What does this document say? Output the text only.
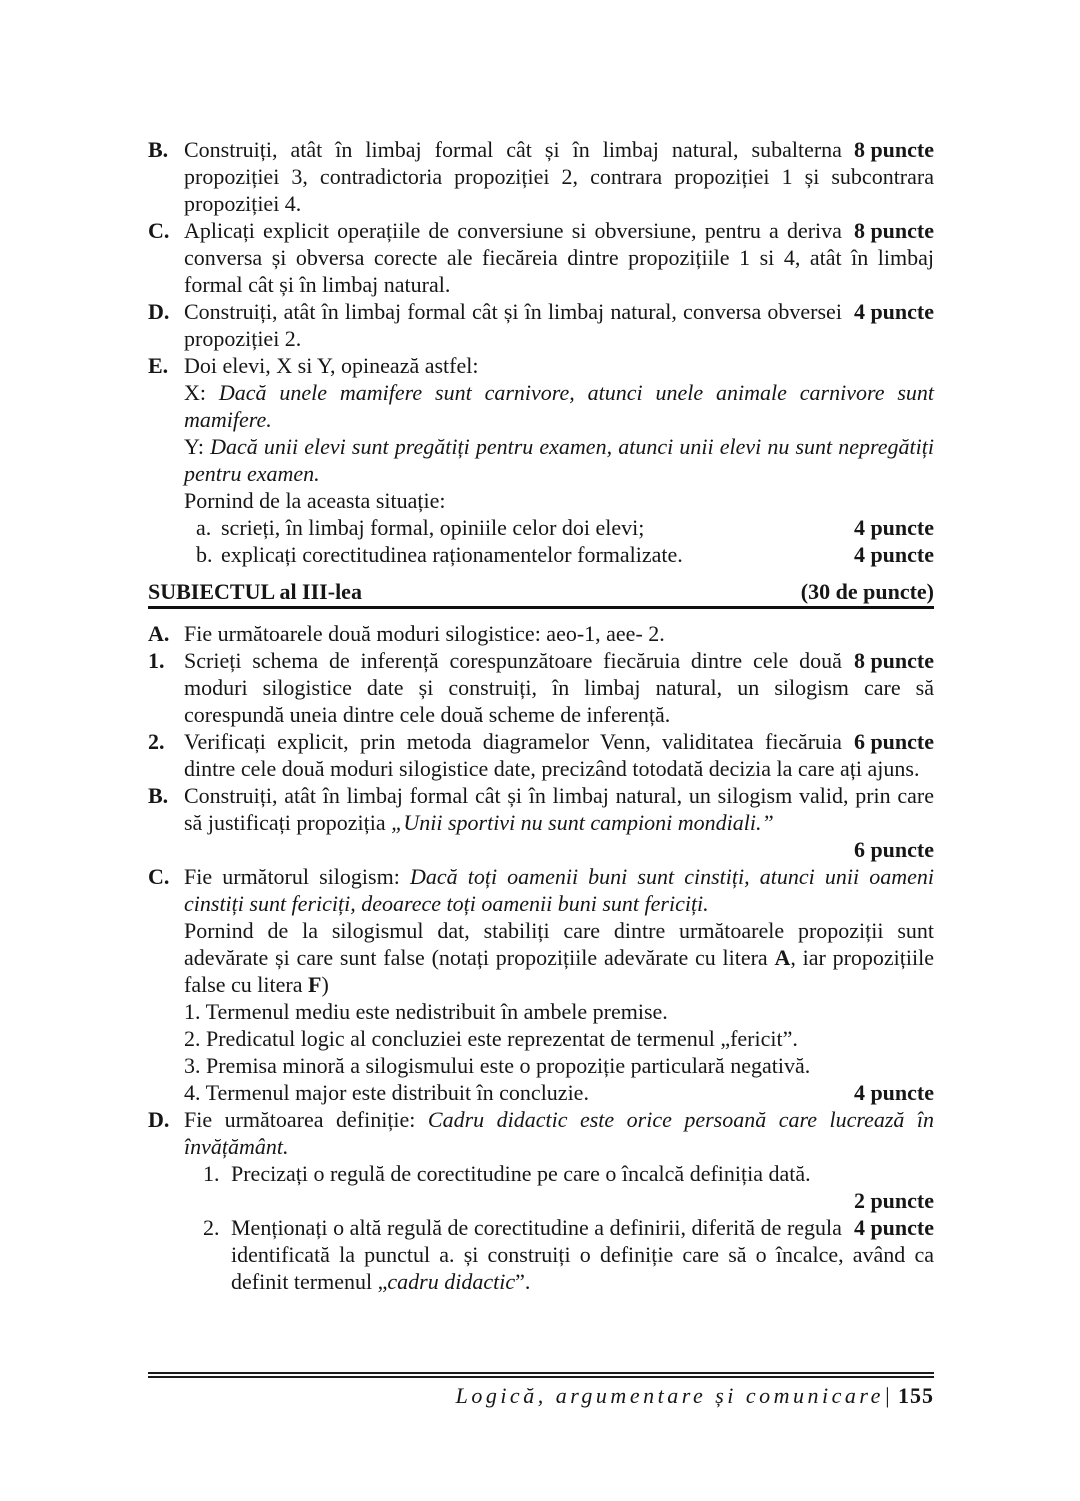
B.	8 puncte
Construiți, atât în limbaj formal cât și în limbaj natural, subalterna propoziției 3, contradictoria propoziției 2, contrara propoziției 1 și subcontrara propoziției 4.

C.	8 puncte
Aplicați explicit operațiile de conversiune si obversiune, pentru a deriva conversa și obversa corecte ale fiecăreia dintre propozițiile 1 si 4, atât în limbaj formal cât și în limbaj natural.

D.	4 puncte
Construiți, atât în limbaj formal cât și în limbaj natural, conversa obversei propoziției 2.

E. Doi elevi, X si Y, opinează astfel:

X: Dacă unele mamifere sunt carnivore, atunci unele animale carnivore sunt mamifere.

Y: Dacă unii elevi sunt pregătiți pentru examen, atunci unii elevi nu sunt nepregătiți pentru examen.

Pornind de la aceasta situație:

a.	4 puncte
scrieți, în limbaj formal, opiniile celor doi elevi;

b.	4 puncte
explicați corectitudinea raționamentelor formalizate.

SUBIECTUL al III-lea	(30 de puncte)
A. Fie următoarele două moduri silogistice: aeo-1, aee- 2.

1.	8 puncte
Scrieți schema de inferență corespunzătoare fiecăruia dintre cele două moduri silogistice date și construiți, în limbaj natural, un silogism care să corespundă uneia dintre cele două scheme de inferență.

2.	6 puncte
Verificați explicit, prin metoda diagramelor Venn, validitatea fiecăruia dintre cele două moduri silogistice date, precizând totodată decizia la care ați ajuns.

B. Construiți, atât în limbaj formal cât și în limbaj natural, un silogism valid, prin care să justificați propoziția „Unii sportivi nu sunt campioni mondiali.”

6 puncte
C. Fie următorul silogism: Dacă toți oamenii buni sunt cinstiți, atunci unii oameni cinstiți sunt fericiți, deoarece toți oamenii buni sunt fericiți.

Pornind de la silogismul dat, stabiliți care dintre următoarele propoziții sunt adevărate și care sunt false (notați propozițiile adevărate cu litera A, iar propozițiile false cu litera F)

1. Termenul mediu este nedistribuit în ambele premise.

2. Predicatul logic al concluziei este reprezentat de termenul „fericit”.

3. Premisa minoră a silogismului este o propoziție particulară negativă.

4 puncte
4. Termenul major este distribuit în concluzie.

D. Fie următoarea definiție: Cadru didactic este orice persoană care lucrează în învățământ.

1. Precizați o regulă de corectitudine pe care o încalcă definiția dată.

2 puncte
2.	4 puncte
Menționați o altă regulă de corectitudine a definirii, diferită de regula identificată la punctul a. și construiți o definiție care să o încalce, având ca definit termenul „cadru didactic”.

Logică, argumentare și comunicare| 155
